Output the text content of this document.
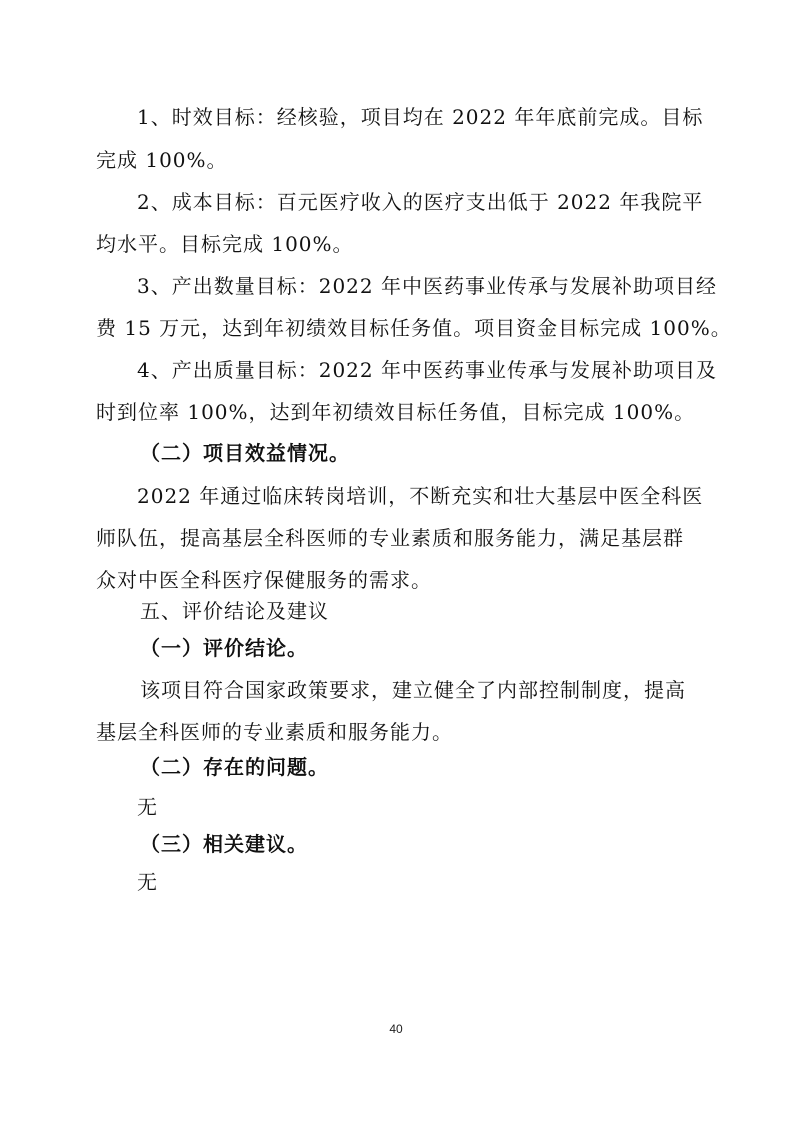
1、时效目标：经核验，项目均在 2022 年年底前完成。目标
完成 100%。
2、成本目标：百元医疗收入的医疗支出低于 2022 年我院平
均水平。目标完成 100%。
3、产出数量目标：2022 年中医药事业传承与发展补助项目经
费 15 万元，达到年初绩效目标任务值。项目资金目标完成 100%。
4、产出质量目标：2022 年中医药事业传承与发展补助项目及
时到位率 100%，达到年初绩效目标任务值，目标完成 100%。
（二）项目效益情况。
2022 年通过临床转岗培训，不断充实和壮大基层中医全科医
师队伍，提高基层全科医师的专业素质和服务能力，满足基层群
众对中医全科医疗保健服务的需求。
五、评价结论及建议
（一）评价结论。
该项目符合国家政策要求，建立健全了内部控制制度，提高
基层全科医师的专业素质和服务能力。
（二）存在的问题。
无
（三）相关建议。
无
40
